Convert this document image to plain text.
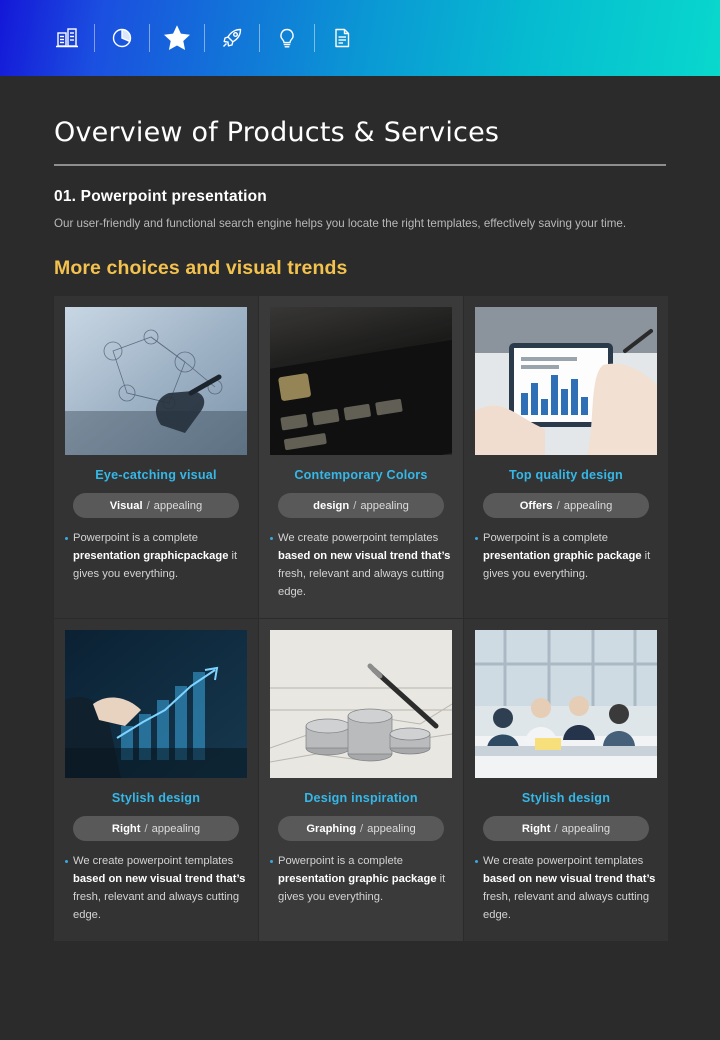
Overview of Products & Services
01. Powerpoint presentation

Our user-friendly and functional search engine helps you locate the right templates, effectively saving your time.

More choices and visual trends
Eye-catching visual
Visual / appealing
Powerpoint is a complete presentation graphicpackage it gives you everything.
Contemporary Colors
design / appealing
We create powerpoint templates based on new visual trend that’s fresh, relevant and always cutting edge.
Top quality design
Offers / appealing
Powerpoint is a complete presentation graphic package it gives you everything.
Stylish design
Right / appealing
We create powerpoint templates based on new visual trend that’s fresh, relevant and always cutting edge.
Design inspiration
Graphing / appealing
Powerpoint is a complete presentation graphic package it gives you everything.
Stylish design
Right / appealing
We create powerpoint templates based on new visual trend that’s fresh, relevant and always cutting edge.
